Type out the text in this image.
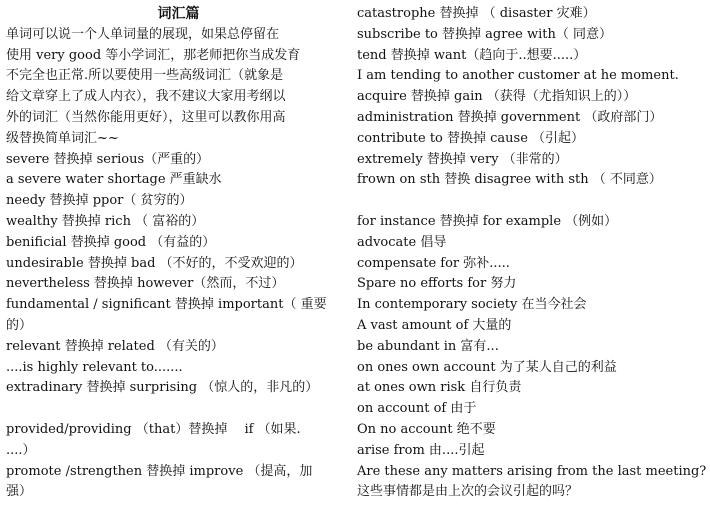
词汇篇
单词可以说一个人单词量的展现，如果总停留在
使用 very good 等小学词汇，那老师把你当成发育
不完全也正常.所以要使用一些高级词汇（就象是
给文章穿上了成人内衣），我不建议大家用考纲以
外的词汇（当然你能用更好），这里可以教你用高
级替换简单词汇~~
severe 替换掉 serious（严重的）
a severe water shortage 严重缺水
needy 替换掉 ppor（ 贫穷的）
wealthy 替换掉 rich （ 富裕的）
benificial 替换掉 good （有益的）
undesirable 替换掉 bad （不好的，不受欢迎的）
nevertheless 替换掉 however（然而，不过）
fundamental / significant 替换掉 important（ 重要
的）
relevant 替换掉 related （有关的）
....is highly relevant to.......
extradinary 替换掉 surprising （惊人的，非凡的）
provided/providing （that）替换掉　 if （如果.
....）
promote /strengthen 替换掉 improve （提高，加
强）
catastrophe 替换掉 （ disaster 灾难）
subscribe to 替换掉 agree with（ 同意）
tend 替换掉 want（趋向于..想要.....）
I am tending to another customer at he moment.
acquire 替换掉 gain （获得（尤指知识上的））
administration 替换掉 government （政府部门）
contribute to 替换掉 cause （引起）
extremely 替换掉 very （非常的）
frown on sth 替换 disagree with sth （ 不同意）
for instance 替换掉 for example （例如）
advocate 倡导
compensate for 弥补.....
Spare no efforts for 努力
In contemporary society 在当今社会
A vast amount of 大量的
be abundant in 富有...
on ones own account 为了某人自己的利益
at ones own risk 自行负责
on account of 由于
On no account 绝不要
arise from 由....引起
Are these any matters arising from the last meeting?
这些事情都是由上次的会议引起的吗？
